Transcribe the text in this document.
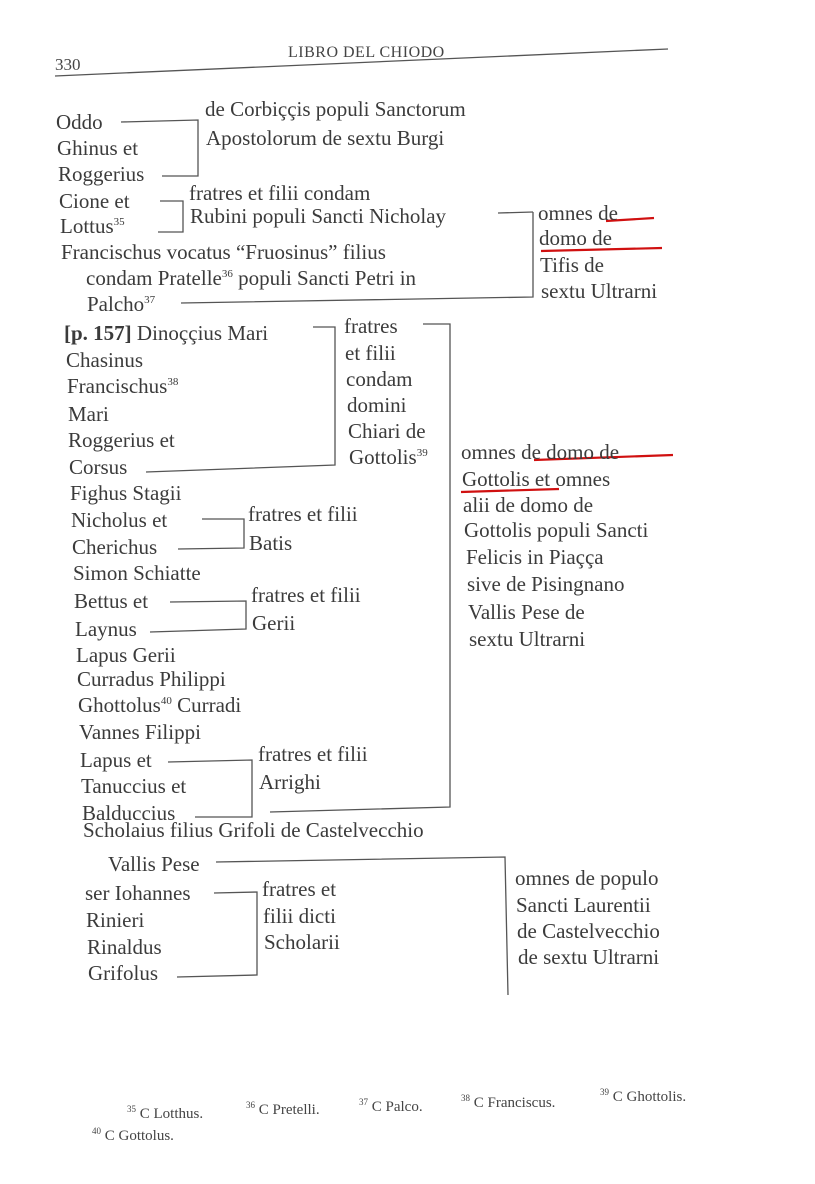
330
LIBRO DEL CHIODO
Oddo
Ghinus et
Roggerius
Cione et
Lottus$^{35}$
Francischus vocatus “Fruosinus” filius
condam Pratelle$^{36}$ populi Sancti Petri in
Palcho$^{37}$
de Corbiççis populi Sanctorum
Apostolorum de sextu Burgi
fratres et filii condam
Rubini populi Sancti Nicholay	omnes de
domo de
Tifis de
sextu Ultrarni
[p. 157] Dinoççius Mari
Chasinus
Francischus$^{38}$
Mari
Roggerius et
Corsus
Fighus Stagii
Nicholus et
Cherichus
Simon Schiatte
Bettus et
Laynus
Lapus Gerii
Curradus Philippi
Ghottolus$^{40}$ Curradi
Vannes Filippi
Lapus et
Tanuccius et
Balduccius
Scholaius filius Grifoli de Castelvecchio
Vallis Pese
ser Iohannes
Rinieri
Rinaldus
Grifolus
fratres
et filii
condam
domini
Chiari de
Gottolis$^{39}$ omnes de domo de
Gottolis et omnes
alii de domo de
Gottolis populi Sancti
Felicis in Piaçça
sive de Pisingnano
Vallis Pese de
sextu Ultrarni
fratres et filii
Batis
fratres et filii
Gerii
fratres et filii
Arrighi
fratres et
filii dicti
Scholarii
omnes de populo
Sancti Laurentii
de Castelvecchio
de sextu Ultrarni
$^{35}$ C Lotthus.
$^{36}$ C Pretelli.	$^{37}$ C Palco.
$^{38}$ C Franciscus.
$^{39}$ C Ghottolis.
$^{40}$ C Gottolus.
